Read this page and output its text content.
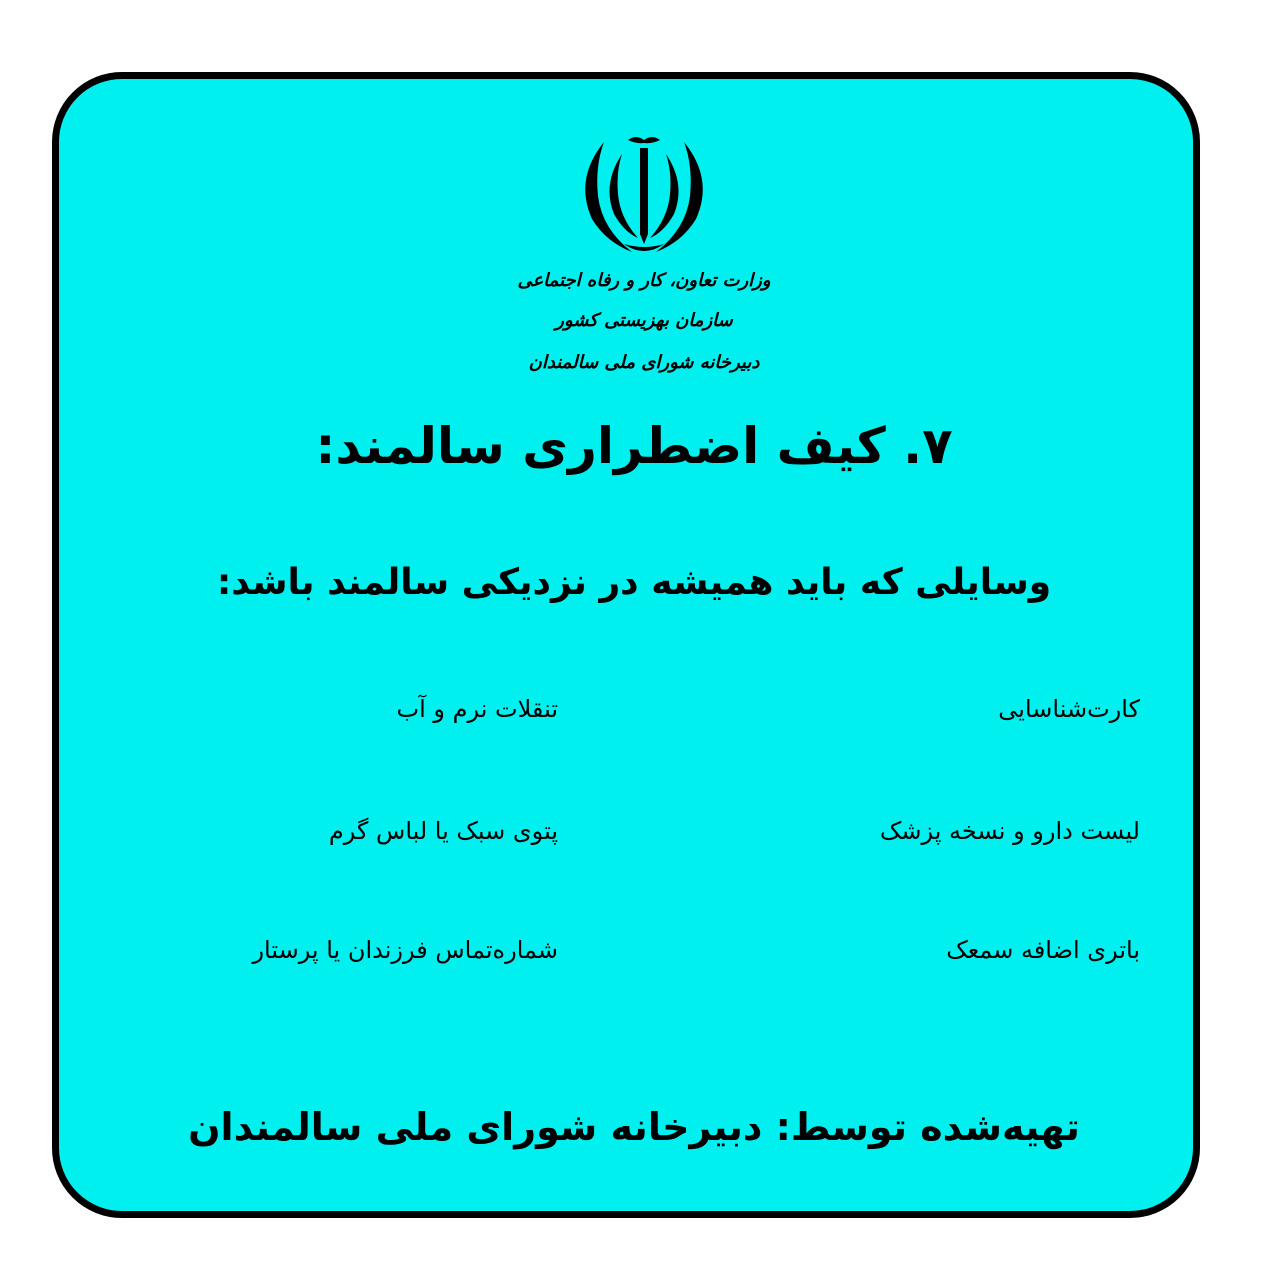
وزارت تعاون، کار و رفاه اجتماعی
سازمان بهزیستی کشور
دبیرخانه شورای ملی سالمندان
۷. کیف اضطراری سالمند:
وسایلی که باید همیشه در نزدیکی سالمند باشد:
کارت‌شناسایی
تنقلات نرم و آب
لیست دارو و نسخه پزشک
پتوی سبک یا لباس گرم
باتری اضافه سمعک
شماره‌تماس فرزندان یا پرستار
تهیه‌شده توسط: دبیرخانه شورای ملی سالمندان
